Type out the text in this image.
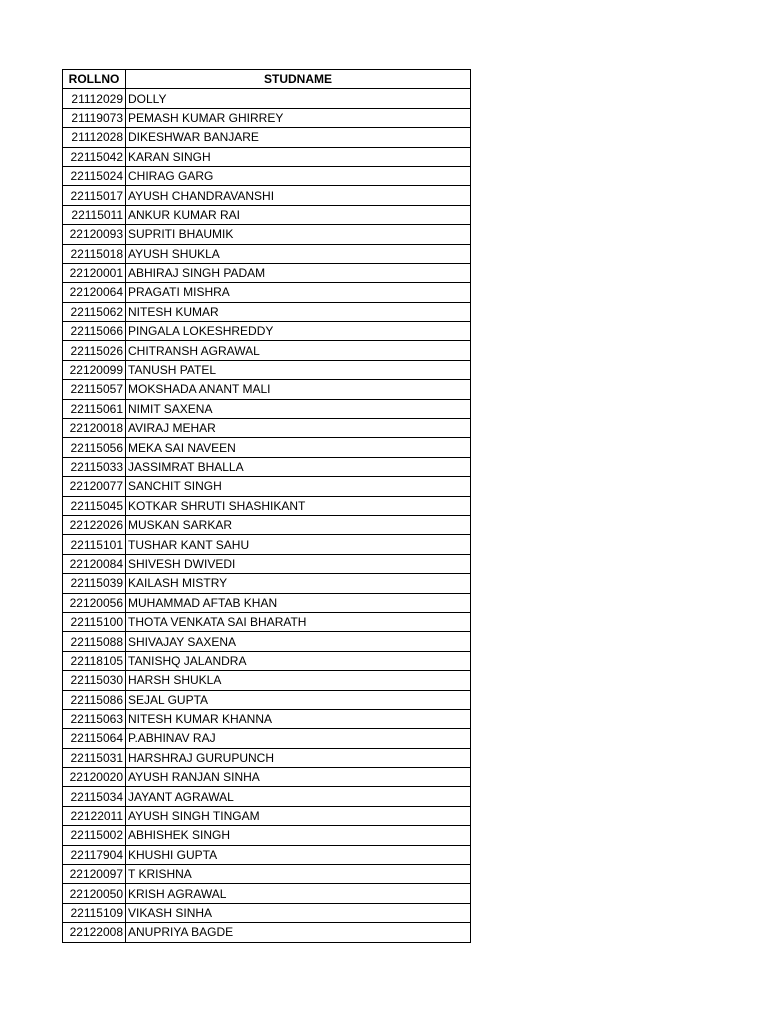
ROLLNO	STUDNAME
21112029	DOLLY
21119073	PEMASH KUMAR GHIRREY
21112028	DIKESHWAR BANJARE
22115042	KARAN SINGH
22115024	CHIRAG GARG
22115017	AYUSH CHANDRAVANSHI
22115011	ANKUR KUMAR RAI
22120093	SUPRITI BHAUMIK
22115018	AYUSH SHUKLA
22120001	ABHIRAJ SINGH PADAM
22120064	PRAGATI MISHRA
22115062	NITESH KUMAR
22115066	PINGALA LOKESHREDDY
22115026	CHITRANSH AGRAWAL
22120099	TANUSH PATEL
22115057	MOKSHADA ANANT MALI
22115061	NIMIT SAXENA
22120018	AVIRAJ MEHAR
22115056	MEKA SAI NAVEEN
22115033	JASSIMRAT BHALLA
22120077	SANCHIT SINGH
22115045	KOTKAR SHRUTI SHASHIKANT
22122026	MUSKAN SARKAR
22115101	TUSHAR KANT SAHU
22120084	SHIVESH DWIVEDI
22115039	KAILASH MISTRY
22120056	MUHAMMAD AFTAB KHAN
22115100	THOTA VENKATA SAI BHARATH
22115088	SHIVAJAY SAXENA
22118105	TANISHQ JALANDRA
22115030	HARSH SHUKLA
22115086	SEJAL GUPTA
22115063	NITESH KUMAR KHANNA
22115064	P.ABHINAV RAJ
22115031	HARSHRAJ GURUPUNCH
22120020	AYUSH RANJAN SINHA
22115034	JAYANT AGRAWAL
22122011	AYUSH SINGH TINGAM
22115002	ABHISHEK SINGH
22117904	KHUSHI GUPTA
22120097	T KRISHNA
22120050	KRISH AGRAWAL
22115109	VIKASH SINHA
22122008	ANUPRIYA BAGDE
